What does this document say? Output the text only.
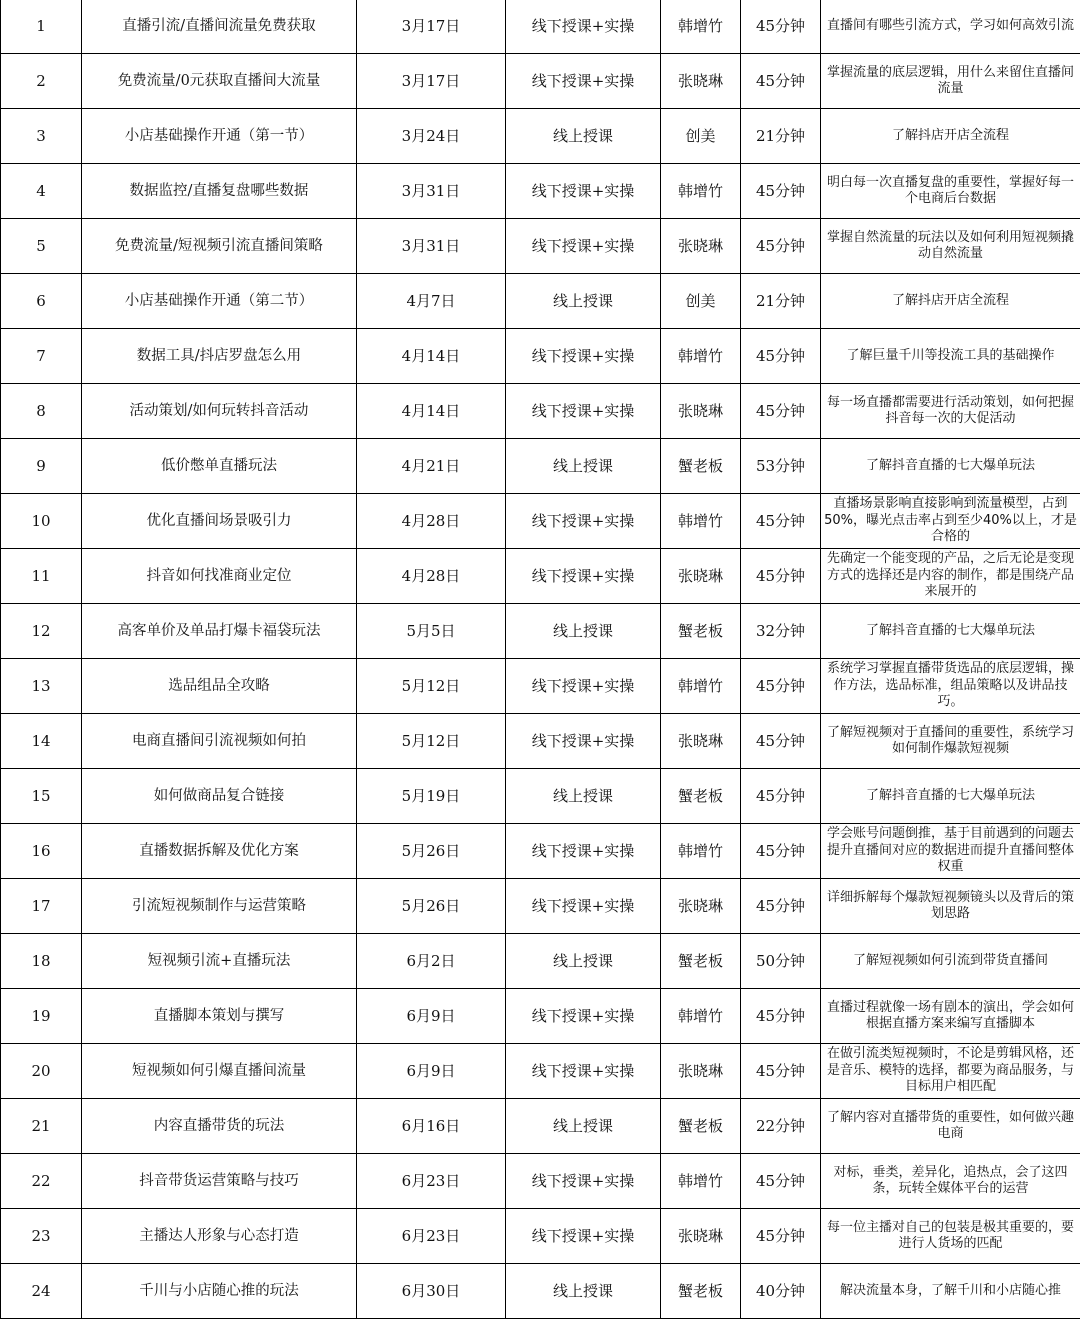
1	直播引流/直播间流量免费获取	3月17日	线下授课+实操	韩增竹	45分钟	直播间有哪些引流方式，学习如何高效引流
2	免费流量/0元获取直播间大流量	3月17日	线下授课+实操	张晓琳	45分钟	掌握流量的底层逻辑，用什么来留住直播间流量
3	小店基础操作开通（第一节）	3月24日	线上授课	创美	21分钟	了解抖店开店全流程
4	数据监控/直播复盘哪些数据	3月31日	线下授课+实操	韩增竹	45分钟	明白每一次直播复盘的重要性，掌握好每一个电商后台数据
5	免费流量/短视频引流直播间策略	3月31日	线下授课+实操	张晓琳	45分钟	掌握自然流量的玩法以及如何利用短视频撬动自然流量
6	小店基础操作开通（第二节）	4月7日	线上授课	创美	21分钟	了解抖店开店全流程
7	数据工具/抖店罗盘怎么用	4月14日	线下授课+实操	韩增竹	45分钟	了解巨量千川等投流工具的基础操作
8	活动策划/如何玩转抖音活动	4月14日	线下授课+实操	张晓琳	45分钟	每一场直播都需要进行活动策划，如何把握抖音每一次的大促活动
9	低价憋单直播玩法	4月21日	线上授课	蟹老板	53分钟	了解抖音直播的七大爆单玩法
10	优化直播间场景吸引力	4月28日	线下授课+实操	韩增竹	45分钟	直播场景影响直接影响到流量模型，占到50%，曝光点击率占到至少40%以上，才是合格的
11	抖音如何找准商业定位	4月28日	线下授课+实操	张晓琳	45分钟	先确定一个能变现的产品，之后无论是变现方式的选择还是内容的制作，都是围绕产品来展开的
12	高客单价及单品打爆卡福袋玩法	5月5日	线上授课	蟹老板	32分钟	了解抖音直播的七大爆单玩法
13	选品组品全攻略	5月12日	线下授课+实操	韩增竹	45分钟	系统学习掌握直播带货选品的底层逻辑，操作方法，选品标准，组品策略以及讲品技巧。
14	电商直播间引流视频如何拍	5月12日	线下授课+实操	张晓琳	45分钟	了解短视频对于直播间的重要性，系统学习如何制作爆款短视频
15	如何做商品复合链接	5月19日	线上授课	蟹老板	45分钟	了解抖音直播的七大爆单玩法
16	直播数据拆解及优化方案	5月26日	线下授课+实操	韩增竹	45分钟	学会账号问题倒推，基于目前遇到的问题去提升直播间对应的数据进而提升直播间整体权重
17	引流短视频制作与运营策略	5月26日	线下授课+实操	张晓琳	45分钟	详细拆解每个爆款短视频镜头以及背后的策划思路
18	短视频引流+直播玩法	6月2日	线上授课	蟹老板	50分钟	了解短视频如何引流到带货直播间
19	直播脚本策划与撰写	6月9日	线下授课+实操	韩增竹	45分钟	直播过程就像一场有剧本的演出，学会如何根据直播方案来编写直播脚本
20	短视频如何引爆直播间流量	6月9日	线下授课+实操	张晓琳	45分钟	在做引流类短视频时，不论是剪辑风格，还是音乐、模特的选择，都要为商品服务，与目标用户相匹配
21	内容直播带货的玩法	6月16日	线上授课	蟹老板	22分钟	了解内容对直播带货的重要性，如何做兴趣电商
22	抖音带货运营策略与技巧	6月23日	线下授课+实操	韩增竹	45分钟	对标，垂类，差异化，追热点，会了这四条，玩转全媒体平台的运营
23	主播达人形象与心态打造	6月23日	线下授课+实操	张晓琳	45分钟	每一位主播对自己的包装是极其重要的，要进行人货场的匹配
24	千川与小店随心推的玩法	6月30日	线上授课	蟹老板	40分钟	解决流量本身，了解千川和小店随心推
